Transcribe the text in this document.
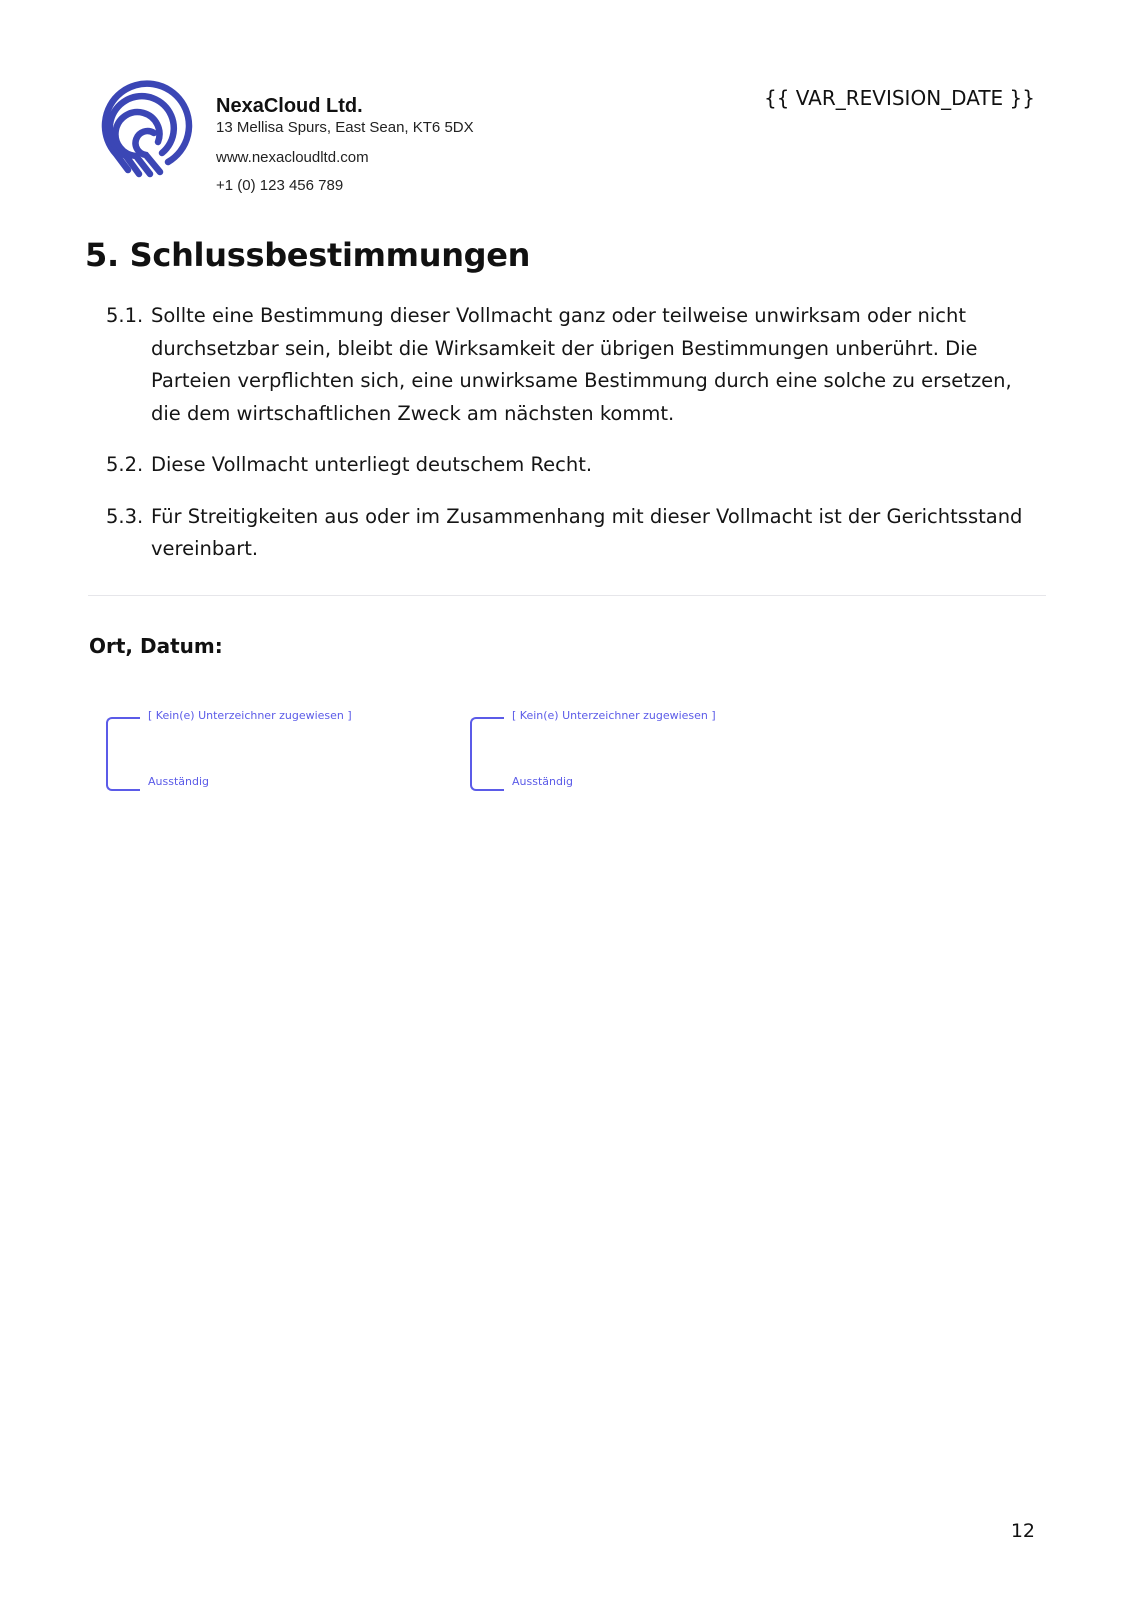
NexaCloud Ltd.
13 Mellisa Spurs, East Sean, KT6 5DX
www.nexacloudltd.com
+1 (0) 123 456 789
{{ VAR_REVISION_DATE }}
5. Schlussbestimmungen
5.1. Sollte eine Bestimmung dieser Vollmacht ganz oder teilweise unwirksam oder nicht durchsetzbar sein, bleibt die Wirksamkeit der übrigen Bestimmungen unberührt. Die Parteien verpflichten sich, eine unwirksame Bestimmung durch eine solche zu ersetzen, die dem wirtschaftlichen Zweck am nächsten kommt.
5.2. Diese Vollmacht unterliegt deutschem Recht.
5.3. Für Streitigkeiten aus oder im Zusammenhang mit dieser Vollmacht ist der Gerichtsstand vereinbart.
Ort, Datum:
[ Kein(e) Unterzeichner zugewiesen ]
Ausständig
[ Kein(e) Unterzeichner zugewiesen ]
Ausständig
12
